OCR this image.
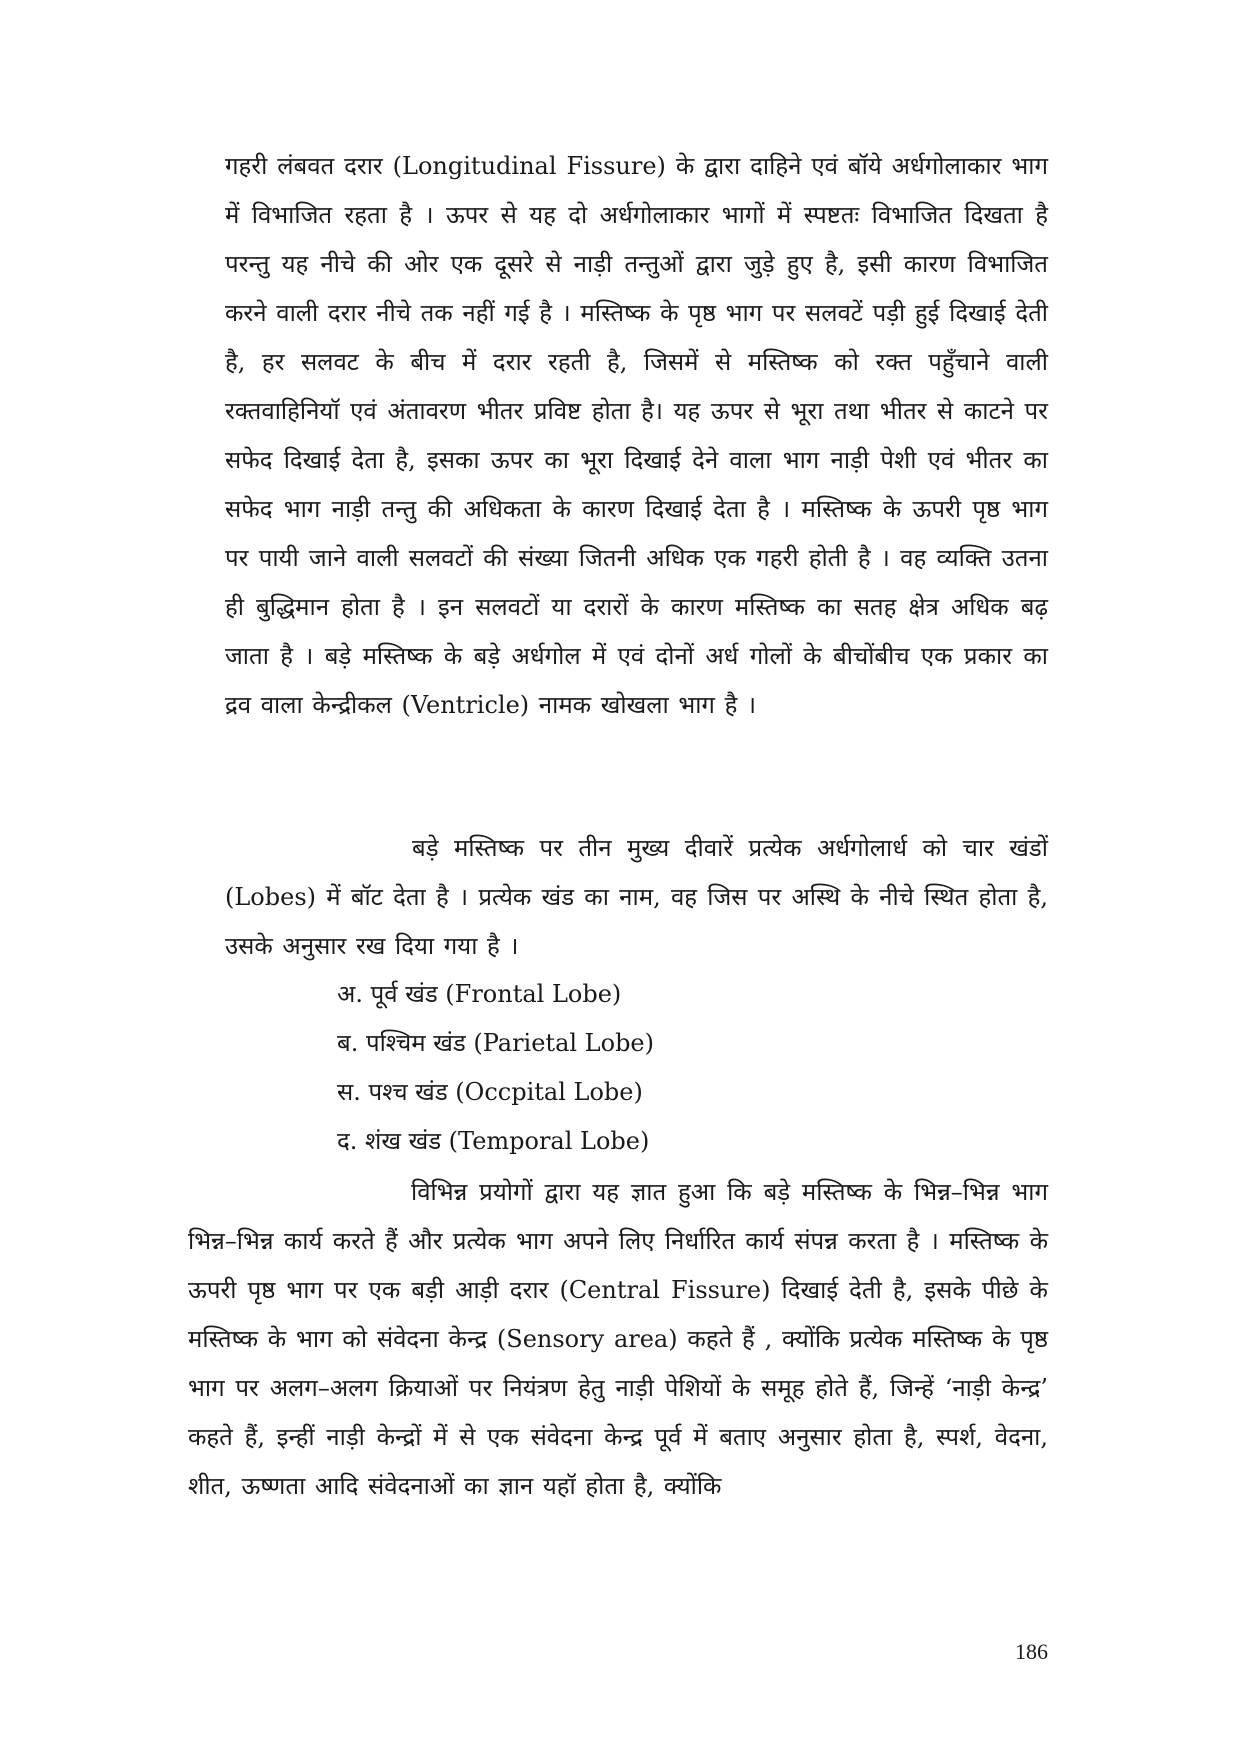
गहरी लंबवत दरार (Longitudinal Fissure) के द्वारा दाहिने एवं बॉये अर्धगोलाकार भाग में विभाजित रहता है । ऊपर से यह दो अर्धगोलाकार भागों में स्पष्टतः विभाजित दिखता है परन्तु यह नीचे की ओर एक दूसरे से नाड़ी तन्तुओं द्वारा जुड़े हुए है, इसी कारण विभाजित करने वाली दरार नीचे तक नहीं गई है । मस्तिष्क के पृष्ठ भाग पर सलवटें पड़ी हुई दिखाई देती है, हर सलवट के बीच में दरार रहती है, जिसमें से मस्तिष्क को रक्त पहुँचाने वाली रक्तवाहिनियॉ एवं अंतावरण भीतर प्रविष्ट होता है। यह ऊपर से भूरा तथा भीतर से काटने पर सफेद दिखाई देता है, इसका ऊपर का भूरा दिखाई देने वाला भाग नाड़ी पेशी एवं भीतर का सफेद भाग नाड़ी तन्तु की अधिकता के कारण दिखाई देता है । मस्तिष्क के ऊपरी पृष्ठ भाग पर पायी जाने वाली सलवटों की संख्या जितनी अधिक एक गहरी होती है । वह व्यक्ति उतना ही बुद्धिमान होता है । इन सलवटों या दरारों के कारण मस्तिष्क का सतह क्षेत्र अधिक बढ़ जाता है । बड़े मस्तिष्क के बड़े अर्धगोल में एवं दोनों अर्ध गोलों के बीचोंबीच एक प्रकार का द्रव वाला केन्द्रीकल (Ventricle) नामक खोखला भाग है ।

बड़े मस्तिष्क पर तीन मुख्य दीवारें प्रत्येक अर्धगोलार्ध को चार खंडों (Lobes) में बॉट देता है । प्रत्येक खंड का नाम, वह जिस पर अस्थि के नीचे स्थित होता है, उसके अनुसार रख दिया गया है ।

अ. पूर्व खंड (Frontal Lobe)
ब. पश्चिम खंड (Parietal Lobe)
स. पश्च खंड (Occpital Lobe)
द. शंख खंड (Temporal Lobe)

विभिन्न प्रयोगों द्वारा यह ज्ञात हुआ कि बड़े मस्तिष्क के भिन्न–भिन्न भाग भिन्न–भिन्न कार्य करते हैं और प्रत्येक भाग अपने लिए निर्धारित कार्य संपन्न करता है । मस्तिष्क के ऊपरी पृष्ठ भाग पर एक बड़ी आड़ी दरार (Central Fissure) दिखाई देती है, इसके पीछे के मस्तिष्क के भाग को संवेदना केन्द्र (Sensory area) कहते हैं , क्योंकि प्रत्येक मस्तिष्क के पृष्ठ भाग पर अलग–अलग क्रियाओं पर नियंत्रण हेतु नाड़ी पेशियों के समूह होते हैं, जिन्हें ‘नाड़ी केन्द्र’ कहते हैं, इन्हीं नाड़ी केन्द्रों में से एक संवेदना केन्द्र पूर्व में बताए अनुसार होता है, स्पर्श, वेदना, शीत, ऊष्णता आदि संवेदनाओं का ज्ञान यहॉ होता है, क्योंकि

186
